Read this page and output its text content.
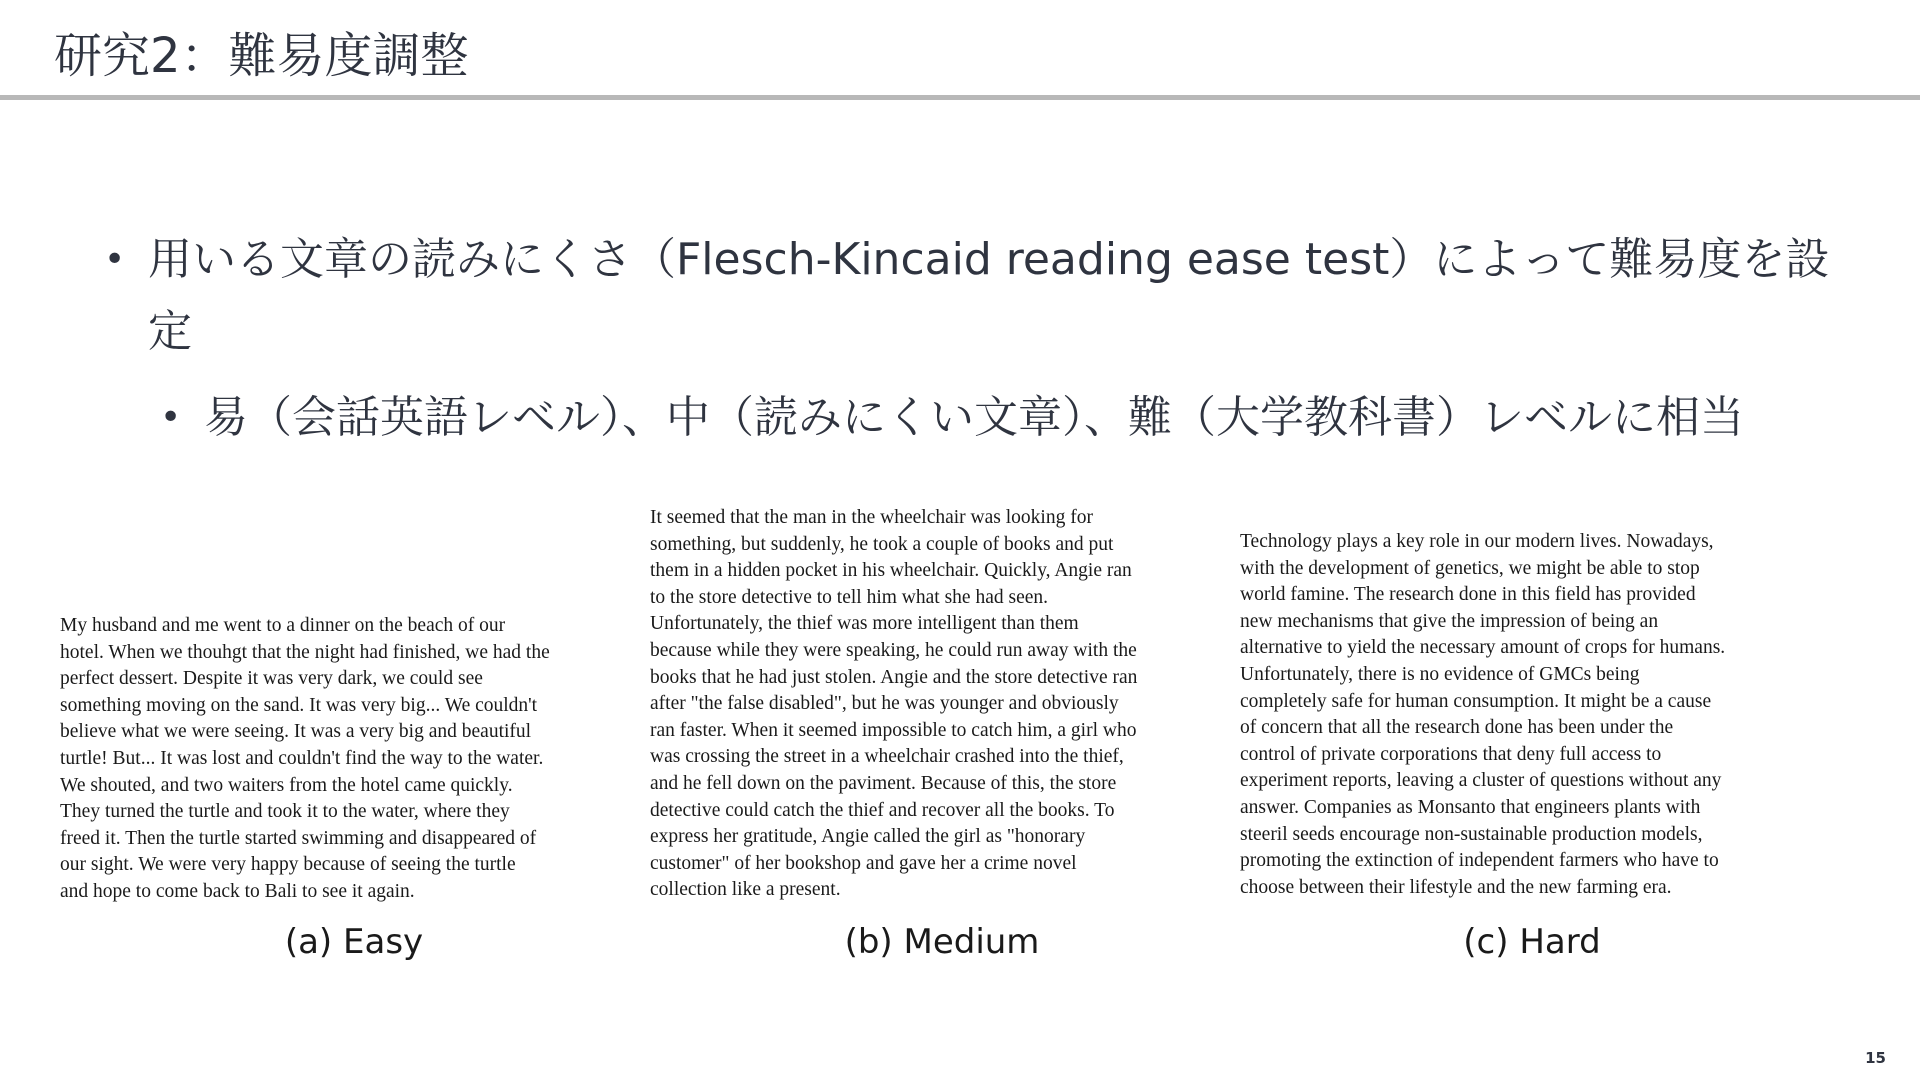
研究2：難易度調整
• 用いる文章の読みにくさ（Flesch-Kincaid reading ease test）によって難易度を設定
• 易（会話英語レベル）、中（読みにくい文章）、難（大学教科書）レベルに相当
My husband and me went to a dinner on the beach of our
hotel. When we thouhgt that the night had finished, we had the
perfect dessert. Despite it was very dark, we could see
something moving on the sand. It was very big... We couldn't
believe what we were seeing. It was a very big and beautiful
turtle! But... It was lost and couldn't find the way to the water.
We shouted, and two waiters from the hotel came quickly.
They turned the turtle and took it to the water, where they
freed it. Then the turtle started swimming and disappeared of
our sight. We were very happy because of seeing the turtle
and hope to come back to Bali to see it again.
It seemed that the man in the wheelchair was looking for
something, but suddenly, he took a couple of books and put
them in a hidden pocket in his wheelchair. Quickly, Angie ran
to the store detective to tell him what she had seen.
Unfortunately, the thief was more intelligent than them
because while they were speaking, he could run away with the
books that he had just stolen. Angie and the store detective ran
after "the false disabled", but he was younger and obviously
ran faster. When it seemed impossible to catch him, a girl who
was crossing the street in a wheelchair crashed into the thief,
and he fell down on the paviment. Because of this, the store
detective could catch the thief and recover all the books. To
express her gratitude, Angie called the girl as "honorary
customer" of her bookshop and gave her a crime novel
collection like a present.
Technology plays a key role in our modern lives. Nowadays,
with the development of genetics, we might be able to stop
world famine. The research done in this field has provided
new mechanisms that give the impression of being an
alternative to yield the necessary amount of crops for humans.
Unfortunately, there is no evidence of GMCs being
completely safe for human consumption. It might be a cause
of concern that all the research done has been under the
control of private corporations that deny full access to
experiment reports, leaving a cluster of questions without any
answer. Companies as Monsanto that engineers plants with
steeril seeds encourage non-sustainable production models,
promoting the extinction of independent farmers who have to
choose between their lifestyle and the new farming era.
(a) Easy	(b) Medium	(c) Hard
15
